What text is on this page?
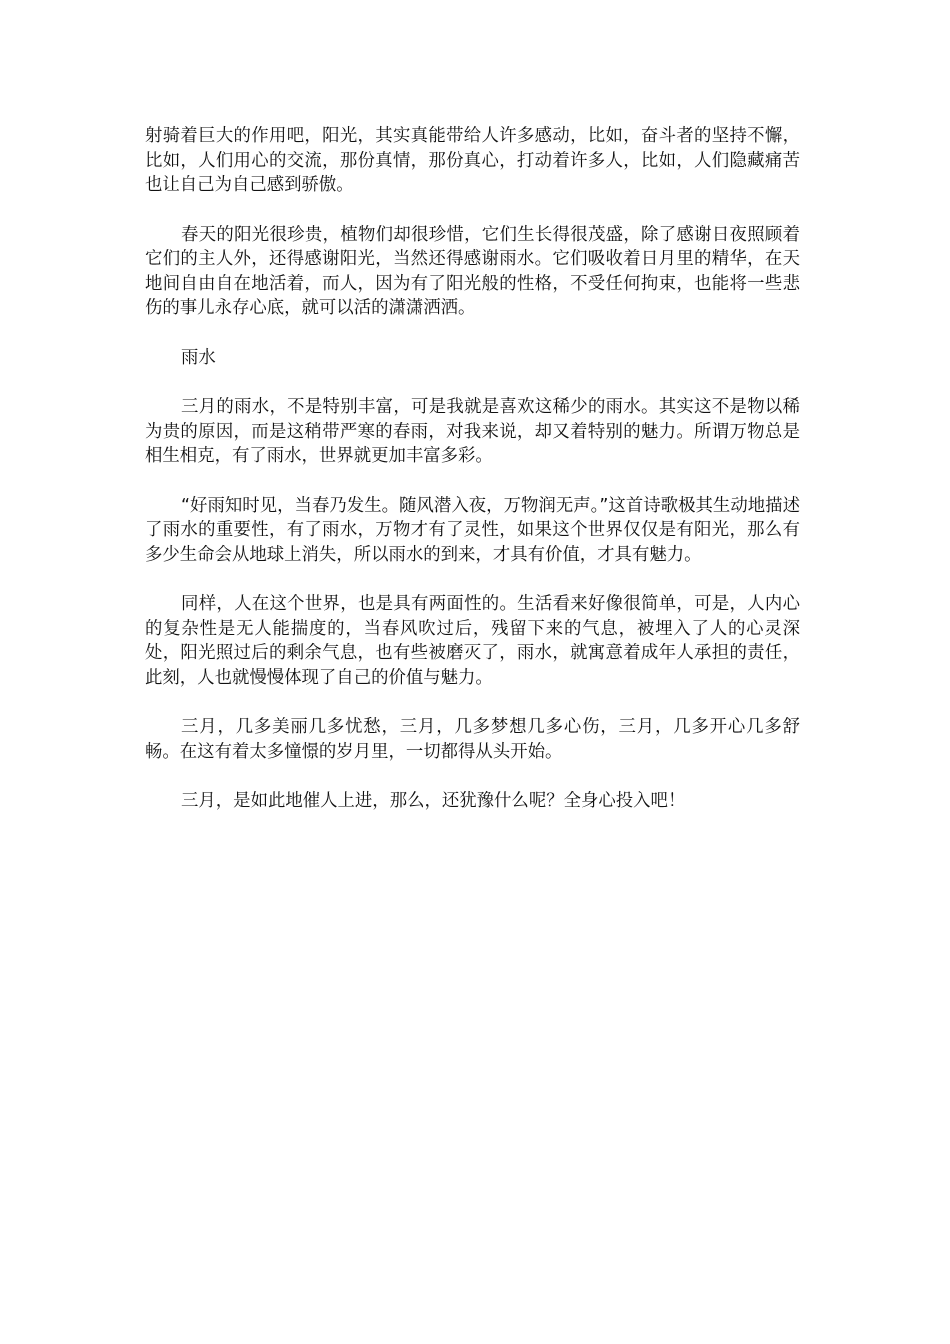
射骑着巨大的作用吧，阳光，其实真能带给人许多感动，比如，奋斗者的坚持不懈，比如，人们用心的交流，那份真情，那份真心，打动着许多人，比如，人们隐藏痛苦也让自己为自己感到骄傲。

春天的阳光很珍贵，植物们却很珍惜，它们生长得很茂盛，除了感谢日夜照顾着它们的主人外，还得感谢阳光，当然还得感谢雨水。它们吸收着日月里的精华，在天地间自由自在地活着，而人，因为有了阳光般的性格，不受任何拘束，也能将一些悲伤的事儿永存心底，就可以活的潇潇洒洒。

雨水

三月的雨水，不是特别丰富，可是我就是喜欢这稀少的雨水。其实这不是物以稀为贵的原因，而是这稍带严寒的春雨，对我来说，却又着特别的魅力。所谓万物总是相生相克，有了雨水，世界就更加丰富多彩。

“好雨知时见，当春乃发生。随风潜入夜，万物润无声。”这首诗歌极其生动地描述了雨水的重要性，有了雨水，万物才有了灵性，如果这个世界仅仅是有阳光，那么有多少生命会从地球上消失，所以雨水的到来，才具有价值，才具有魅力。

同样，人在这个世界，也是具有两面性的。生活看来好像很简单，可是，人内心的复杂性是无人能揣度的，当春风吹过后，残留下来的气息，被埋入了人的心灵深处，阳光照过后的剩余气息，也有些被磨灭了，雨水，就寓意着成年人承担的责任，此刻，人也就慢慢体现了自己的价值与魅力。

三月，几多美丽几多忧愁，三月，几多梦想几多心伤，三月，几多开心几多舒畅。在这有着太多憧憬的岁月里，一切都得从头开始。

三月，是如此地催人上进，那么，还犹豫什么呢？全身心投入吧！
